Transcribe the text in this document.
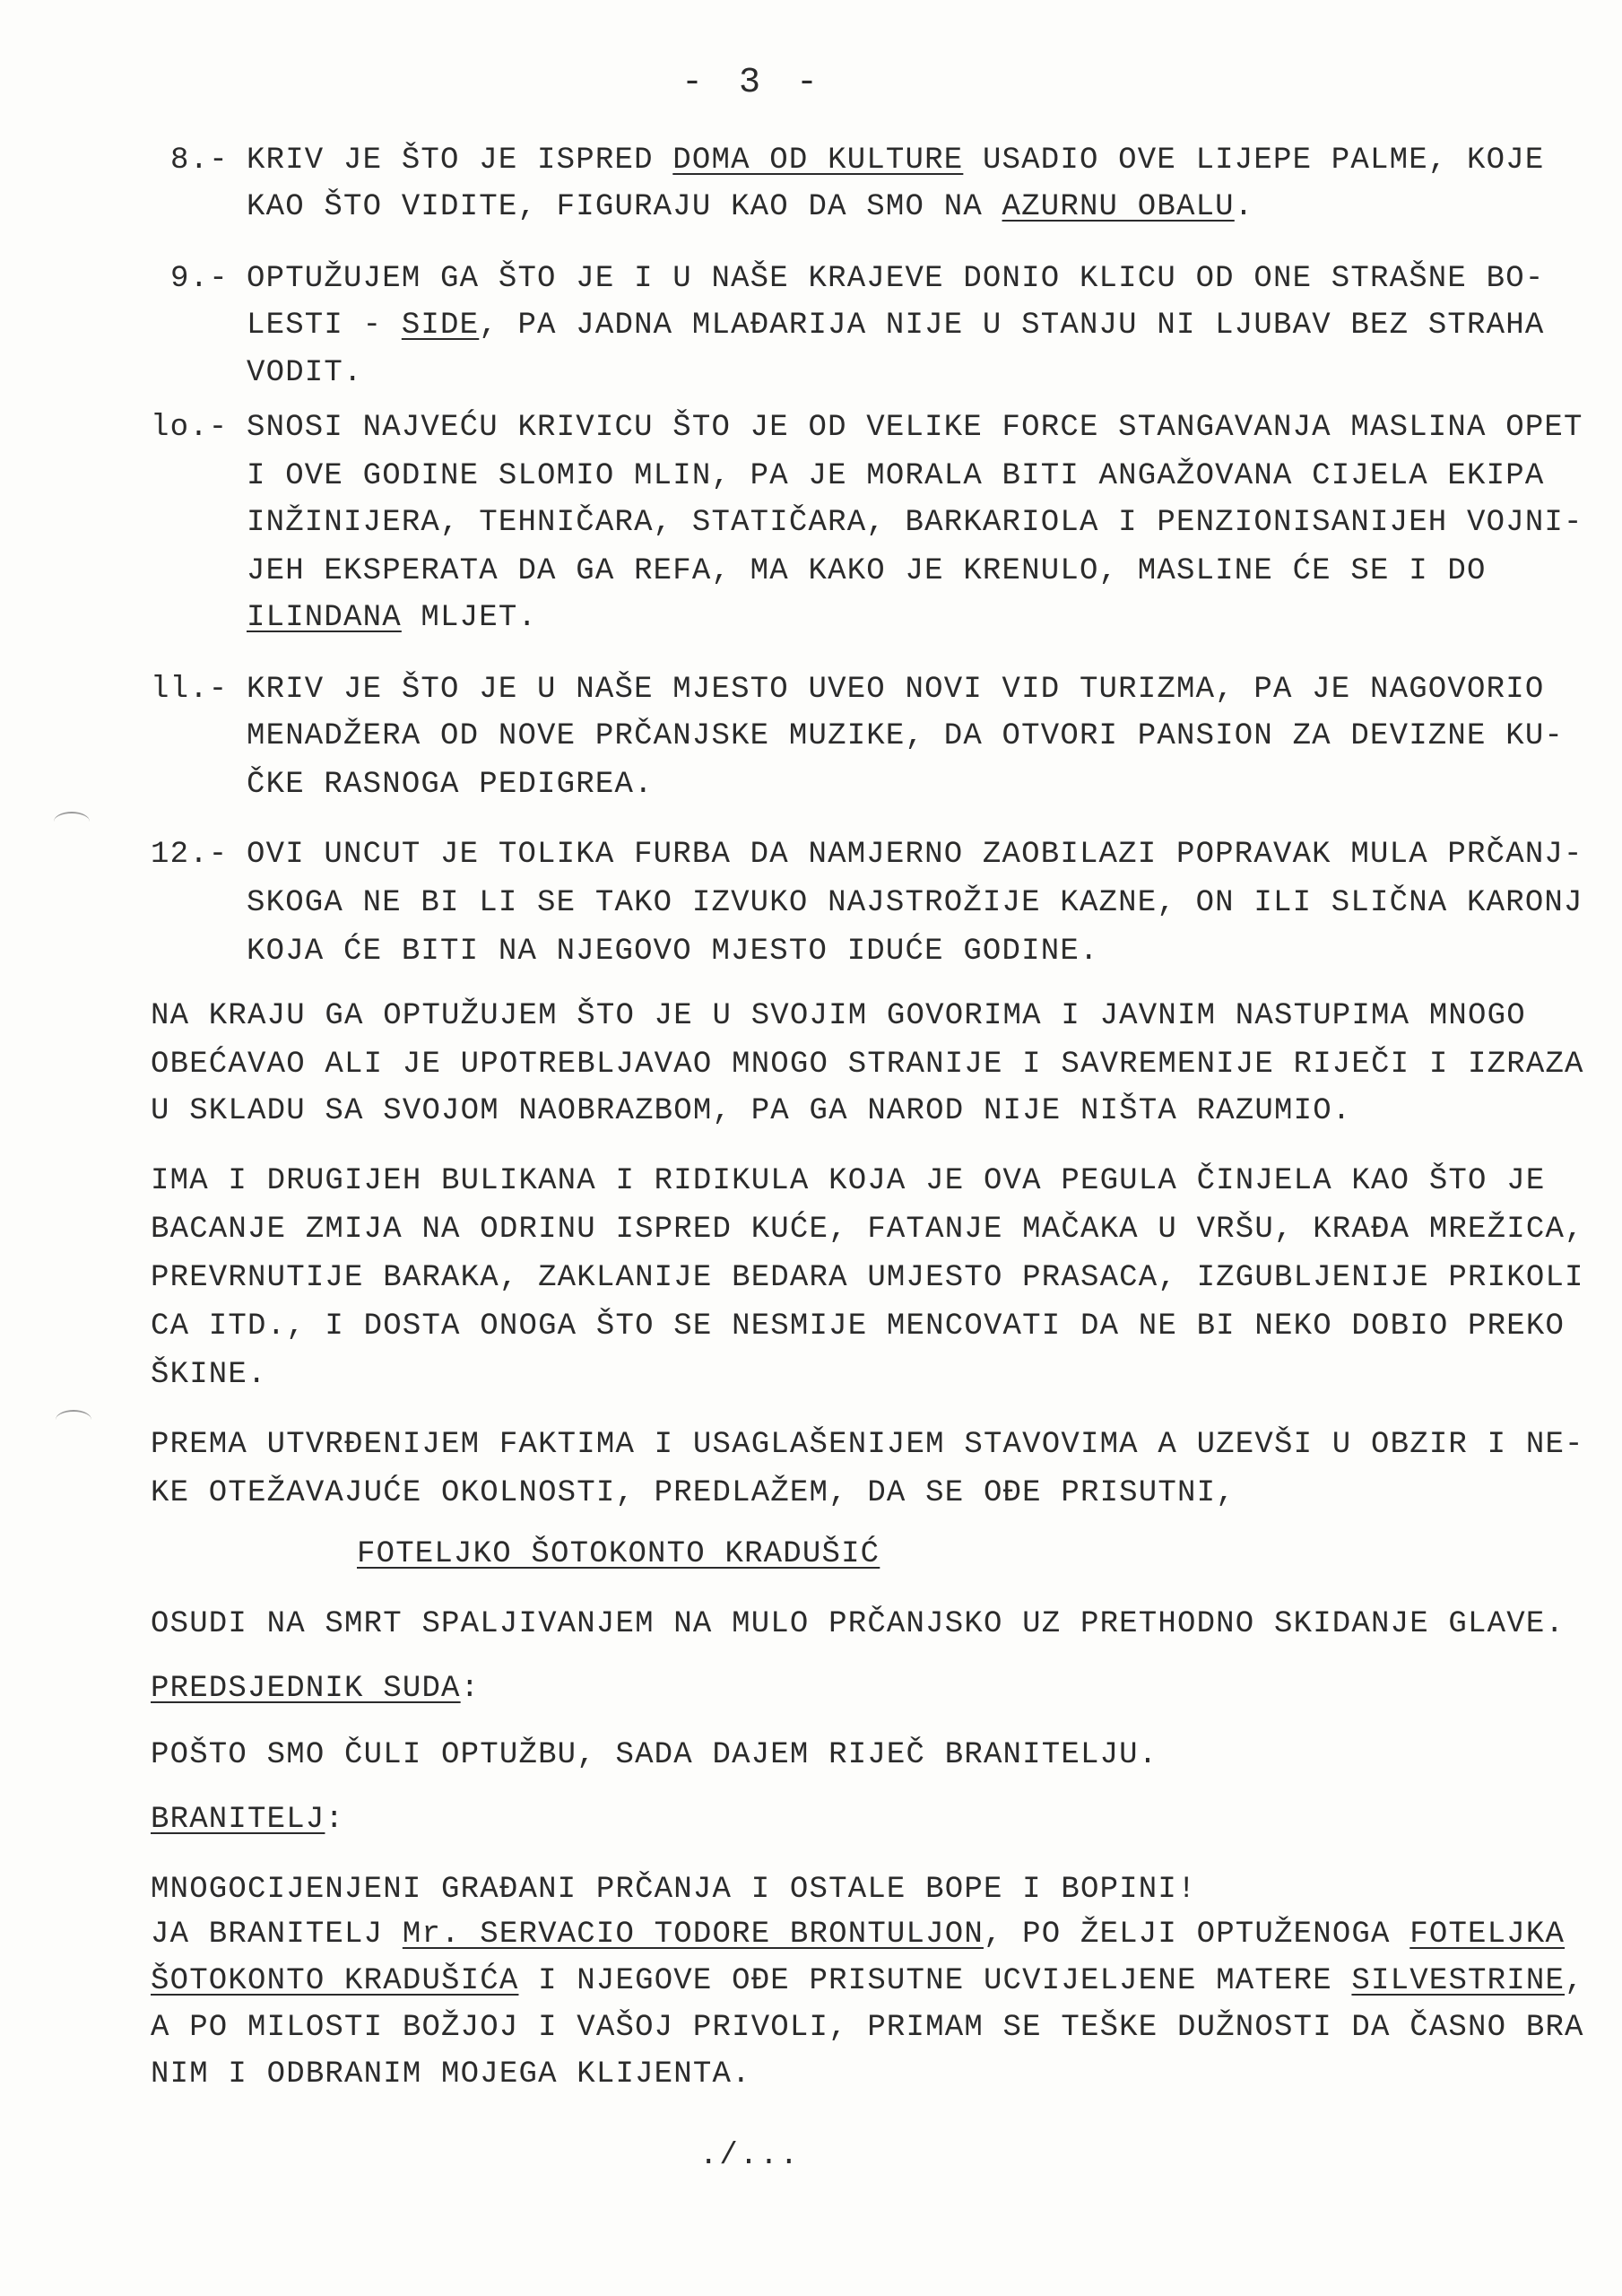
- 3 -
8.- KRIV JE ŠTO JE ISPRED DOMA OD KULTURE USADIO OVE LIJEPE PALME, KOJE
KAO ŠTO VIDITE, FIGURAJU KAO DA SMO NA AZURNU OBALU.
9.- OPTUŽUJEM GA ŠTO JE I U NAŠE KRAJEVE DONIO KLICU OD ONE STRAŠNE BO-
LESTI - SIDE, PA JADNA MLAĐARIJA NIJE U STANJU NI LJUBAV BEZ STRAHA
VODIT.
lo.- SNOSI NAJVEĆU KRIVICU ŠTO JE OD VELIKE FORCE STANGAVANJA MASLINA OPET
I OVE GODINE SLOMIO MLIN, PA JE MORALA BITI ANGAŽOVANA CIJELA EKIPA
INŽINIJERA, TEHNIČARA, STATIČARA, BARKARIOLA I PENZIONISANIJEH VOJNI-
JEH EKSPERATA DA GA REFA, MA KAKO JE KRENULO, MASLINE ĆE SE I DO
ILINDANA MLJET.
ll.- KRIV JE ŠTO JE U NAŠE MJESTO UVEO NOVI VID TURIZMA, PA JE NAGOVORIO
MENADŽERA OD NOVE PRČANJSKE MUZIKE, DA OTVORI PANSION ZA DEVIZNE KU-
ČKE RASNOGA PEDIGREA.
12.- OVI UNCUT JE TOLIKA FURBA DA NAMJERNO ZAOBILAZI POPRAVAK MULA PRČANJ-
SKOGA NE BI LI SE TAKO IZVUKO NAJSTROŽIJE KAZNE, ON ILI SLIČNA KARONJ
KOJA ĆE BITI NA NJEGOVO MJESTO IDUĆE GODINE.
NA KRAJU GA OPTUŽUJEM ŠTO JE U SVOJIM GOVORIMA I JAVNIM NASTUPIMA MNOGO
OBEĆAVAO ALI JE UPOTREBLJAVAO MNOGO STRANIJE I SAVREMENIJE RIJEČI I IZRAZA
U SKLADU SA SVOJOM NAOBRAZBOM, PA GA NAROD NIJE NIŠTA RAZUMIO.
IMA I DRUGIJEH BULIKANA I RIDIKULA KOJA JE OVA PEGULA ČINJELA KAO ŠTO JE
BACANJE ZMIJA NA ODRINU ISPRED KUĆE, FATANJE MAČAKA U VRŠU, KRAĐA MREŽICA,
PREVRNUTIJE BARAKA, ZAKLANIJE BEDARA UMJESTO PRASACA, IZGUBLJENIJE PRIKOLI
CA ITD., I DOSTA ONOGA ŠTO SE NESMIJE MENCOVATI DA NE BI NEKO DOBIO PREKO
ŠKINE.
PREMA UTVRĐENIJEM FAKTIMA I USAGLAŠENIJEM STAVOVIMA A UZEVŠI U OBZIR I NE-
KE OTEŽAVAJUĆE OKOLNOSTI, PREDLAŽEM, DA SE OĐE PRISUTNI,
FOTELJKO ŠOTOKONTO KRADUŠIĆ
OSUDI NA SMRT SPALJIVANJEM NA MULO PRČANJSKO UZ PRETHODNO SKIDANJE GLAVE.
PREDSJEDNIK SUDA:
POŠTO SMO ČULI OPTUŽBU, SADA DAJEM RIJEČ BRANITELJU.
BRANITELJ:
MNOGOCIJENJENI GRAĐANI PRČANJA I OSTALE BOPE I BOPINI!
JA BRANITELJ Mr. SERVACIO TODORE BRONTULJON, PO ŽELJI OPTUŽENOGA FOTELJKA
ŠOTOKONTO KRADUŠIĆA I NJEGOVE OĐE PRISUTNE UCVIJELJENE MATERE SILVESTRINE,
A PO MILOSTI BOŽJOJ I VAŠOJ PRIVOLI, PRIMAM SE TEŠKE DUŽNOSTI DA ČASNO BRA
NIM I ODBRANIM MOJEGA KLIJENTA.
./...
